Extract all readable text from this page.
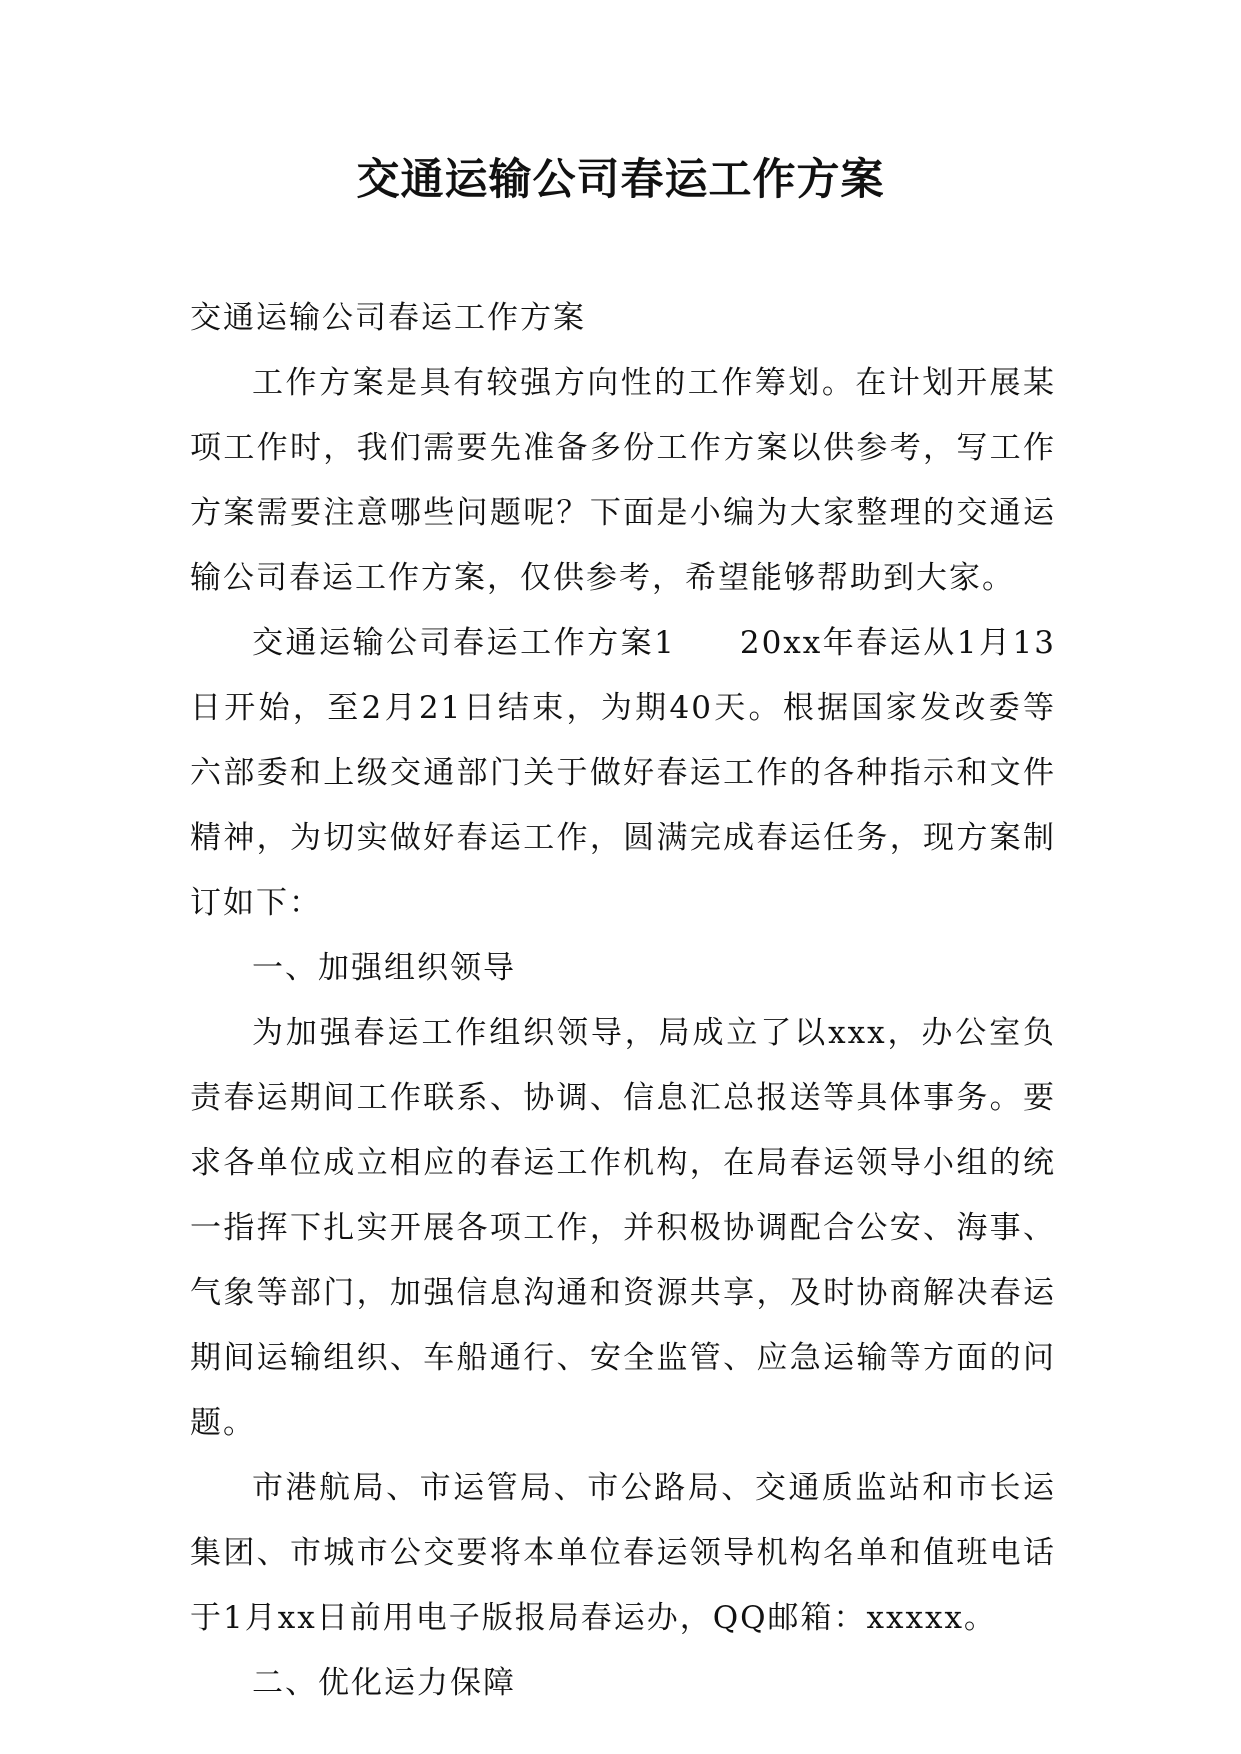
交通运输公司春运工作方案

交通运输公司春运工作方案

工作方案是具有较强方向性的工作筹划。在计划开展某项工作时，我们需要先准备多份工作方案以供参考，写工作方案需要注意哪些问题呢？下面是小编为大家整理的交通运输公司春运工作方案，仅供参考，希望能够帮助到大家。

交通运输公司春运工作方案1 20xx年春运从1月13日开始，至2月21日结束，为期40天。根据国家发改委等六部委和上级交通部门关于做好春运工作的各种指示和文件精神，为切实做好春运工作，圆满完成春运任务，现方案制订如下：

一、加强组织领导

为加强春运工作组织领导，局成立了以xxx，办公室负责春运期间工作联系、协调、信息汇总报送等具体事务。要求各单位成立相应的春运工作机构，在局春运领导小组的统一指挥下扎实开展各项工作，并积极协调配合公安、海事、气象等部门，加强信息沟通和资源共享，及时协商解决春运期间运输组织、车船通行、安全监管、应急运输等方面的问题。

市港航局、市运管局、市公路局、交通质监站和市长运集团、市城市公交要将本单位春运领导机构名单和值班电话于1月xx日前用电子版报局春运办，QQ邮箱：xxxxx。

二、优化运力保障
